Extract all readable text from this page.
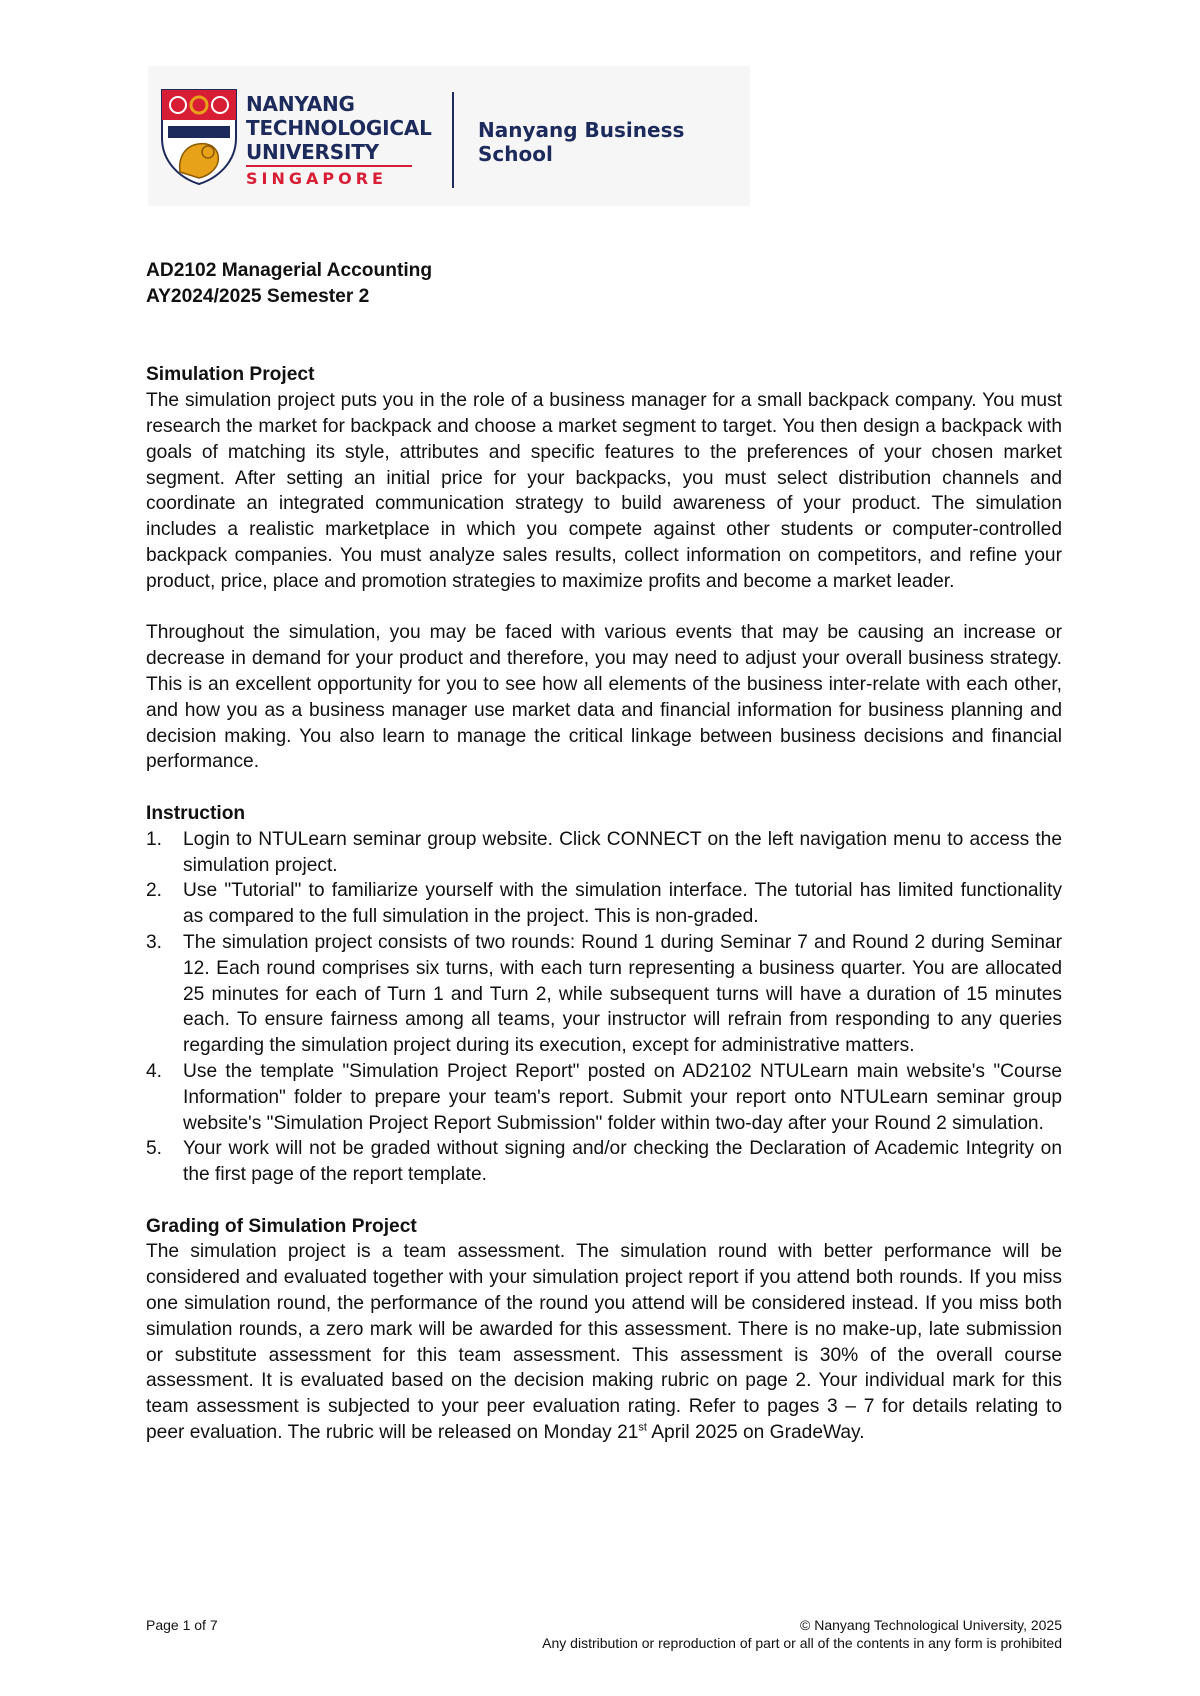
NANYANG
TECHNOLOGICAL
UNIVERSITY
SINGAPORE
Nanyang Business School

AD2102 Managerial Accounting

AY2024/2025 Semester 2

Simulation Project

The simulation project puts you in the role of a business manager for a small backpack company. You must research the market for backpack and choose a market segment to target. You then design a backpack with goals of matching its style, attributes and specific features to the preferences of your chosen market segment. After setting an initial price for your backpacks, you must select distribution channels and coordinate an integrated communication strategy to build awareness of your product. The simulation includes a realistic marketplace in which you compete against other students or computer-controlled backpack companies. You must analyze sales results, collect information on competitors, and refine your product, price, place and promotion strategies to maximize profits and become a market leader.

Throughout the simulation, you may be faced with various events that may be causing an increase or decrease in demand for your product and therefore, you may need to adjust your overall business strategy. This is an excellent opportunity for you to see how all elements of the business inter-relate with each other, and how you as a business manager use market data and financial information for business planning and decision making. You also learn to manage the critical linkage between business decisions and financial performance.

Instruction

1. Login to NTULearn seminar group website. Click CONNECT on the left navigation menu to access the simulation project.
2. Use "Tutorial" to familiarize yourself with the simulation interface. The tutorial has limited functionality as compared to the full simulation in the project. This is non-graded.
3. The simulation project consists of two rounds: Round 1 during Seminar 7 and Round 2 during Seminar 12. Each round comprises six turns, with each turn representing a business quarter. You are allocated 25 minutes for each of Turn 1 and Turn 2, while subsequent turns will have a duration of 15 minutes each. To ensure fairness among all teams, your instructor will refrain from responding to any queries regarding the simulation project during its execution, except for administrative matters.
4. Use the template "Simulation Project Report" posted on AD2102 NTULearn main website's "Course Information" folder to prepare your team's report. Submit your report onto NTULearn seminar group website's "Simulation Project Report Submission" folder within two-day after your Round 2 simulation.
5. Your work will not be graded without signing and/or checking the Declaration of Academic Integrity on the first page of the report template.

Grading of Simulation Project

The simulation project is a team assessment. The simulation round with better performance will be considered and evaluated together with your simulation project report if you attend both rounds. If you miss one simulation round, the performance of the round you attend will be considered instead. If you miss both simulation rounds, a zero mark will be awarded for this assessment. There is no make-up, late submission or substitute assessment for this team assessment. This assessment is 30% of the overall course assessment. It is evaluated based on the decision making rubric on page 2. Your individual mark for this team assessment is subjected to your peer evaluation rating. Refer to pages 3 – 7 for details relating to peer evaluation. The rubric will be released on Monday 21st April 2025 on GradeWay.

Page 1 of 7	© Nanyang Technological University, 2025
Any distribution or reproduction of part or all of the contents in any form is prohibited
